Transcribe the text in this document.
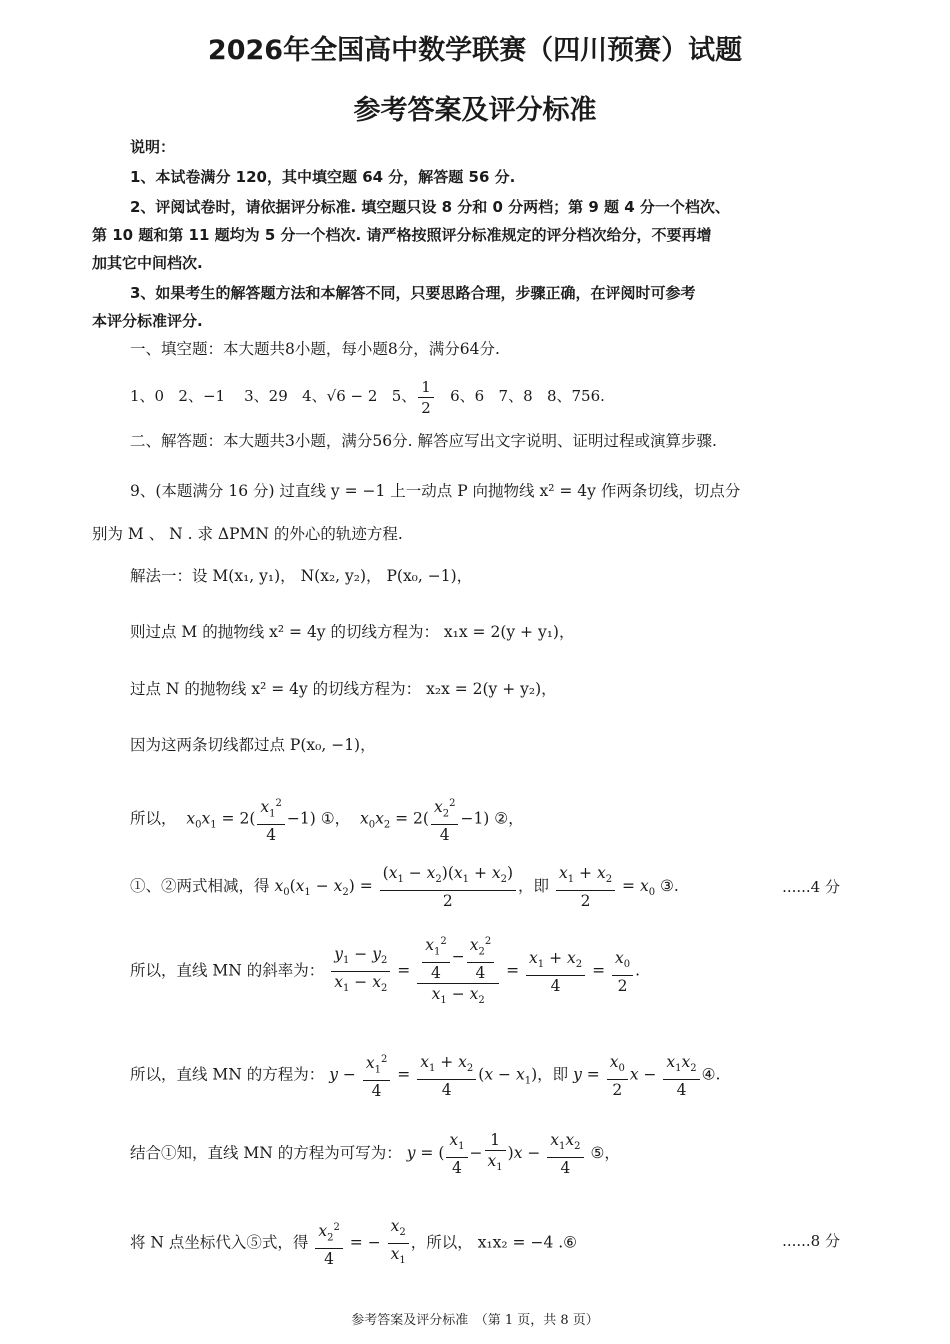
2026年全国高中数学联赛（四川预赛）试题
参考答案及评分标准
说明：
1、本试卷满分 120，其中填空题 64 分，解答题 56 分.
2、评阅试卷时，请依据评分标准. 填空题只设 8 分和 0 分两档；第 9 题 4 分一个档次、
第 10 题和第 11 题均为 5 分一个档次. 请严格按照评分标准规定的评分档次给分，不要再增
加其它中间档次.
3、如果考生的解答题方法和本解答不同，只要思路合理，步骤正确，在评阅时可参考
本评分标准评分.
一、填空题：本大题共8小题，每小题8分，满分64分.
1、0 2、−1 3、29 4、√6 − 2 5、 $\frac{1}{2} 6$、6 7、8 8、756.
二、解答题：本大题共3小题，满分56分. 解答应写出文字说明、证明过程或演算步骤.
9、(本题满分 16 分) 过直线 y = −1 上一动点 P 向抛物线 x² = 4y 作两条切线，切点分
别为 M 、 N . 求 ΔPMN 的外心的轨迹方程.
解法一：设 M(x₁, y₁)， N(x₂, y₂)， P(x₀, −1)，
则过点 M 的抛物线 x² = 4y 的切线方程为： x₁x = 2(y + y₁)，
过点 N 的抛物线 x² = 4y 的切线方程为： x₂x = 2(y + y₂)，
因为这两条切线都过点 P(x₀, −1)，
所以， $x_0x_1 = 2( \frac{x_1^2}{4} -1)$ ①，  $x_0x_2 = 2( \frac{x_2^2}{4} -1)$ ②，
①、②两式相减，得 $x_0(x_1 - x_2) = \frac{(x_1 - x_2)(x_1 + x_2)}{2}$ ，即 $\frac{x_1 + x_2}{2} = x_0$ ③.	......4 分
所以，直线 MN 的斜率为： $\frac{y_1 - y_2}{x_1 - x_2} = \frac{\frac{x_1^2}{4} - \frac{x_2^2}{4}}{x_1 - x_2} = \frac{x_1 + x_2}{4} = \frac{x_0}{2}$ .
所以，直线 MN 的方程为： $y - \frac{x_1^2}{4} = \frac{x_1 + x_2}{4} (x - x_1)$，即 $y = \frac{x_0}{2}$ $x - \frac{x_1x_2}{4}$ ④.
结合①知，直线 MN 的方程为可写为： y = ( $\frac{x_1}{4} - \frac{1}{x_1} )x - \frac{x_1x_2}{4}$ ⑤，
将 N 点坐标代入⑤式，得 $\frac{x_2^2}{4}$ = − $\frac{x_2}{x_1}$ ，所以， x₁x₂ = −4 .⑥	......8 分
参考答案及评分标准　（第 1 页，共 8 页）
